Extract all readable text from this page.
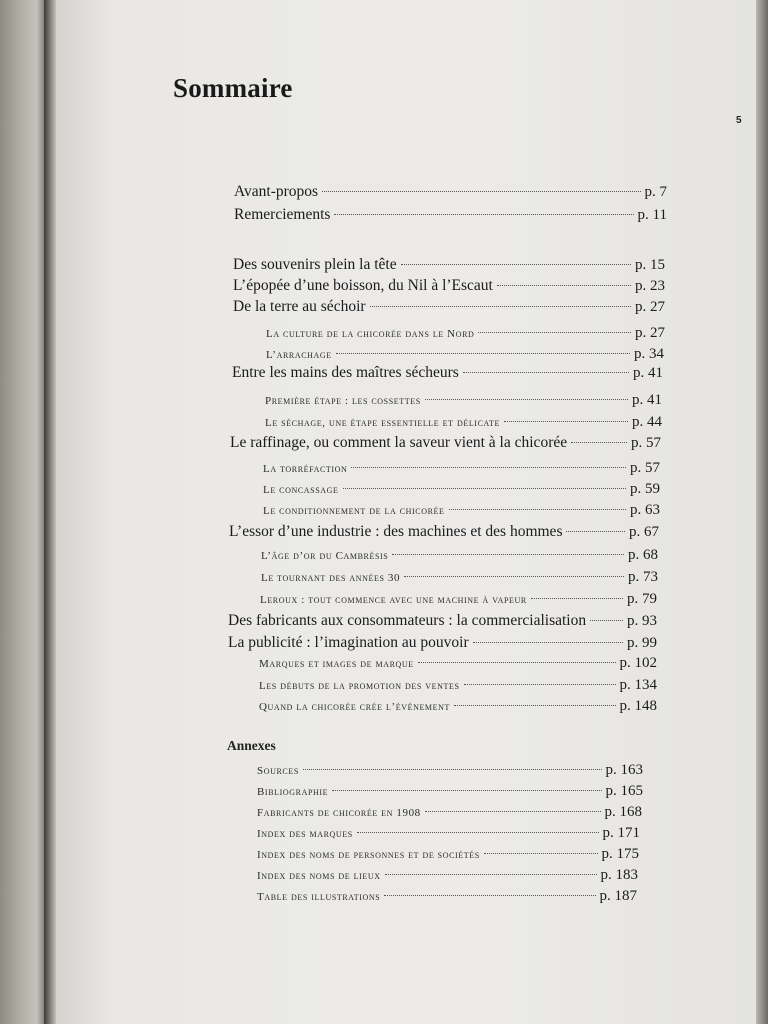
Sommaire
5
Avant-propos	p. 7
Remerciements	p. 11
Des souvenirs plein la tête	p. 15
L’épopée d’une boisson, du Nil à l’Escaut	p. 23
De la terre au séchoir	p. 27
La culture de la chicorée dans le Nord	p. 27
L’arrachage	p. 34
Entre les mains des maîtres sécheurs	p. 41
Première étape : les cossettes	p. 41
Le séchage, une étape essentielle et délicate	p. 44
Le raffinage, ou comment la saveur vient à la chicorée	p. 57
La torréfaction	p. 57
Le concassage	p. 59
Le conditionnement de la chicorée	p. 63
L’essor d’une industrie : des machines et des hommes	p. 67
L’âge d’or du Cambrésis	p. 68
Le tournant des années 30	p. 73
Leroux : tout commence avec une machine à vapeur	p. 79
Des fabricants aux consommateurs : la commercialisation	p. 93
La publicité : l’imagination au pouvoir	p. 99
Marques et images de marque	p. 102
Les débuts de la promotion des ventes	p. 134
Quand la chicorée crée l’événement	p. 148
Annexes
Sources	p. 163
Bibliographie	p. 165
Fabricants de chicorée en 1908	p. 168
Index des marques	p. 171
Index des noms de personnes et de sociétés	p. 175
Index des noms de lieux	p. 183
Table des illustrations	p. 187
